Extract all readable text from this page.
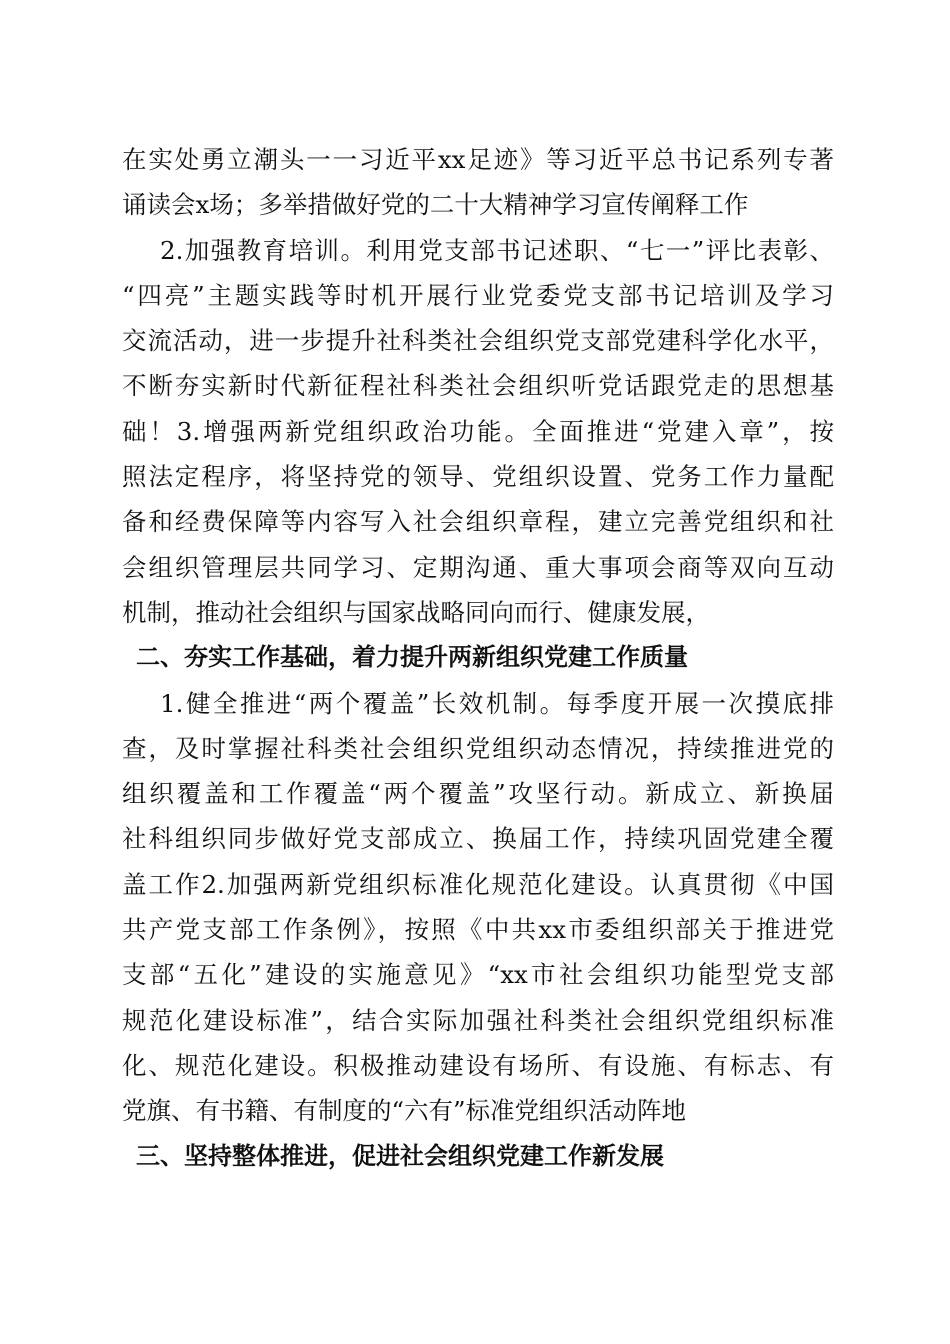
在实处勇立潮头一一习近平xx足迹》等习近平总书记系列专著
诵读会x场；多举措做好党的二十大精神学习宣传阐释工作
2.加强教育培训。利用党支部书记述职、“七一”评比表彰、
“四亮”主题实践等时机开展行业党委党支部书记培训及学习
交流活动，进一步提升社科类社会组织党支部党建科学化水平，
不断夯实新时代新征程社科类社会组织听党话跟党走的思想基
础！3.增强两新党组织政治功能。全面推进“党建入章”，按
照法定程序，将坚持党的领导、党组织设置、党务工作力量配
备和经费保障等内容写入社会组织章程，建立完善党组织和社
会组织管理层共同学习、定期沟通、重大事项会商等双向互动
机制，推动社会组织与国家战略同向而行、健康发展，
二、夯实工作基础，着力提升两新组织党建工作质量
1.健全推进“两个覆盖”长效机制。每季度开展一次摸底排
查，及时掌握社科类社会组织党组织动态情况，持续推进党的
组织覆盖和工作覆盖“两个覆盖”攻坚行动。新成立、新换届
社科组织同步做好党支部成立、换届工作，持续巩固党建全覆
盖工作2.加强两新党组织标准化规范化建设。认真贯彻《中国
共产党支部工作条例》，按照《中共xx市委组织部关于推进党
支部“五化”建设的实施意见》“xx市社会组织功能型党支部
规范化建设标准”，结合实际加强社科类社会组织党组织标准
化、规范化建设。积极推动建设有场所、有设施、有标志、有
党旗、有书籍、有制度的“六有”标准党组织活动阵地
三、坚持整体推进，促进社会组织党建工作新发展
